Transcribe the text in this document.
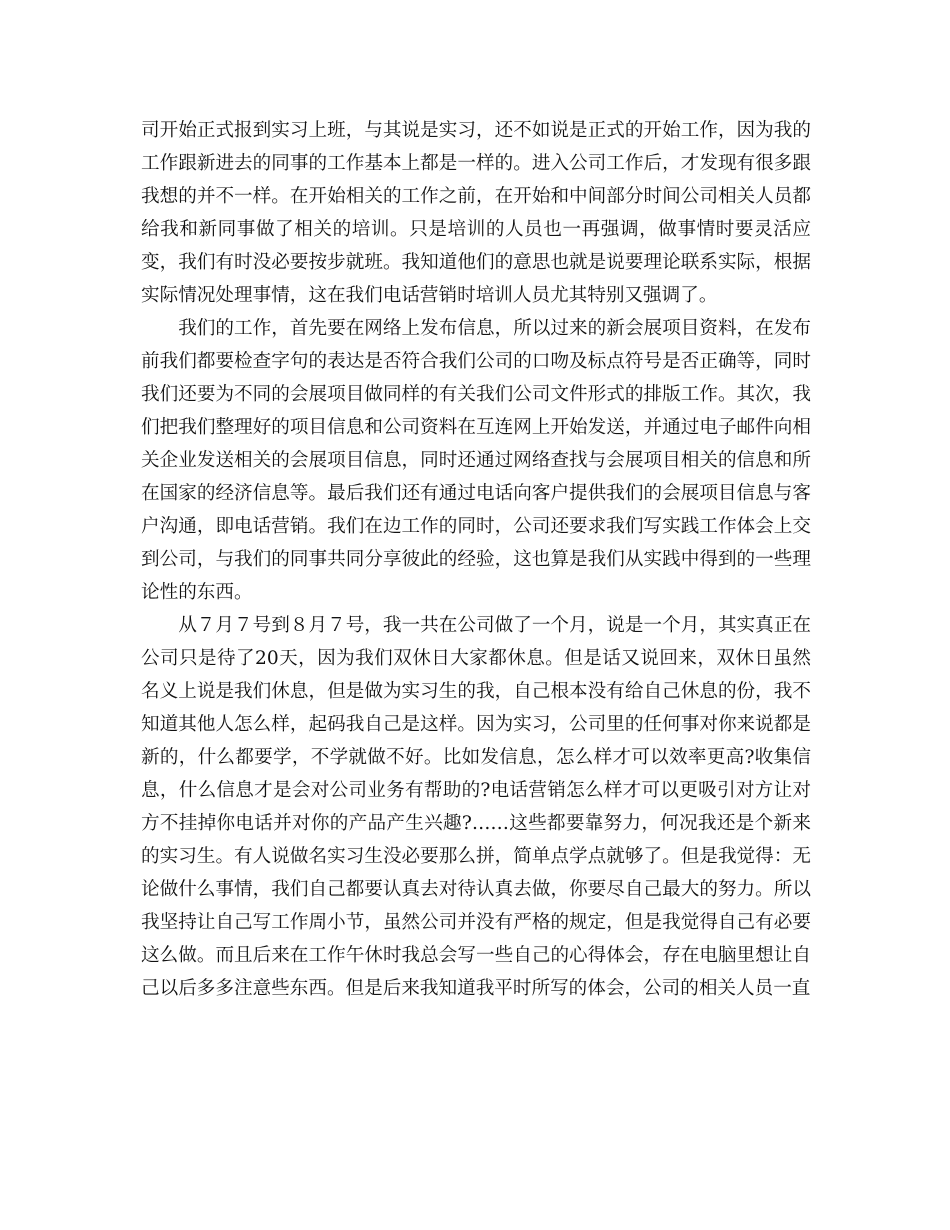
司开始正式报到实习上班，与其说是实习，还不如说是正式的开始工作，因为我的工作跟新进去的同事的工作基本上都是一样的。进入公司工作后，才发现有很多跟我想的并不一样。在开始相关的工作之前，在开始和中间部分时间公司相关人员都给我和新同事做了相关的培训。只是培训的人员也一再强调，做事情时要灵活应变，我们有时没必要按步就班。我知道他们的意思也就是说要理论联系实际，根据实际情况处理事情，这在我们电话营销时培训人员尤其特别又强调了。

我们的工作，首先要在网络上发布信息，所以过来的新会展项目资料，在发布前我们都要检查字句的表达是否符合我们公司的口吻及标点符号是否正确等，同时我们还要为不同的会展项目做同样的有关我们公司文件形式的排版工作。其次，我们把我们整理好的项目信息和公司资料在互连网上开始发送，并通过电子邮件向相关企业发送相关的会展项目信息，同时还通过网络查找与会展项目相关的信息和所在国家的经济信息等。最后我们还有通过电话向客户提供我们的会展项目信息与客户沟通，即电话营销。我们在边工作的同时，公司还要求我们写实践工作体会上交到公司，与我们的同事共同分享彼此的经验，这也算是我们从实践中得到的一些理论性的东西。

从７月７号到８月７号，我一共在公司做了一个月，说是一个月，其实真正在公司只是待了20天，因为我们双休日大家都休息。但是话又说回来，双休日虽然名义上说是我们休息，但是做为实习生的我，自己根本没有给自己休息的份，我不知道其他人怎么样，起码我自己是这样。因为实习，公司里的任何事对你来说都是新的，什么都要学，不学就做不好。比如发信息，怎么样才可以效率更高?收集信息，什么信息才是会对公司业务有帮助的?电话营销怎么样才可以更吸引对方让对方不挂掉你电话并对你的产品产生兴趣?……这些都要靠努力，何况我还是个新来的实习生。有人说做名实习生没必要那么拼，简单点学点就够了。但是我觉得：无论做什么事情，我们自己都要认真去对待认真去做，你要尽自己最大的努力。所以我坚持让自己写工作周小节，虽然公司并没有严格的规定，但是我觉得自己有必要这么做。而且后来在工作午休时我总会写一些自己的心得体会，存在电脑里想让自己以后多多注意些东西。但是后来我知道我平时所写的体会，公司的相关人员一直
